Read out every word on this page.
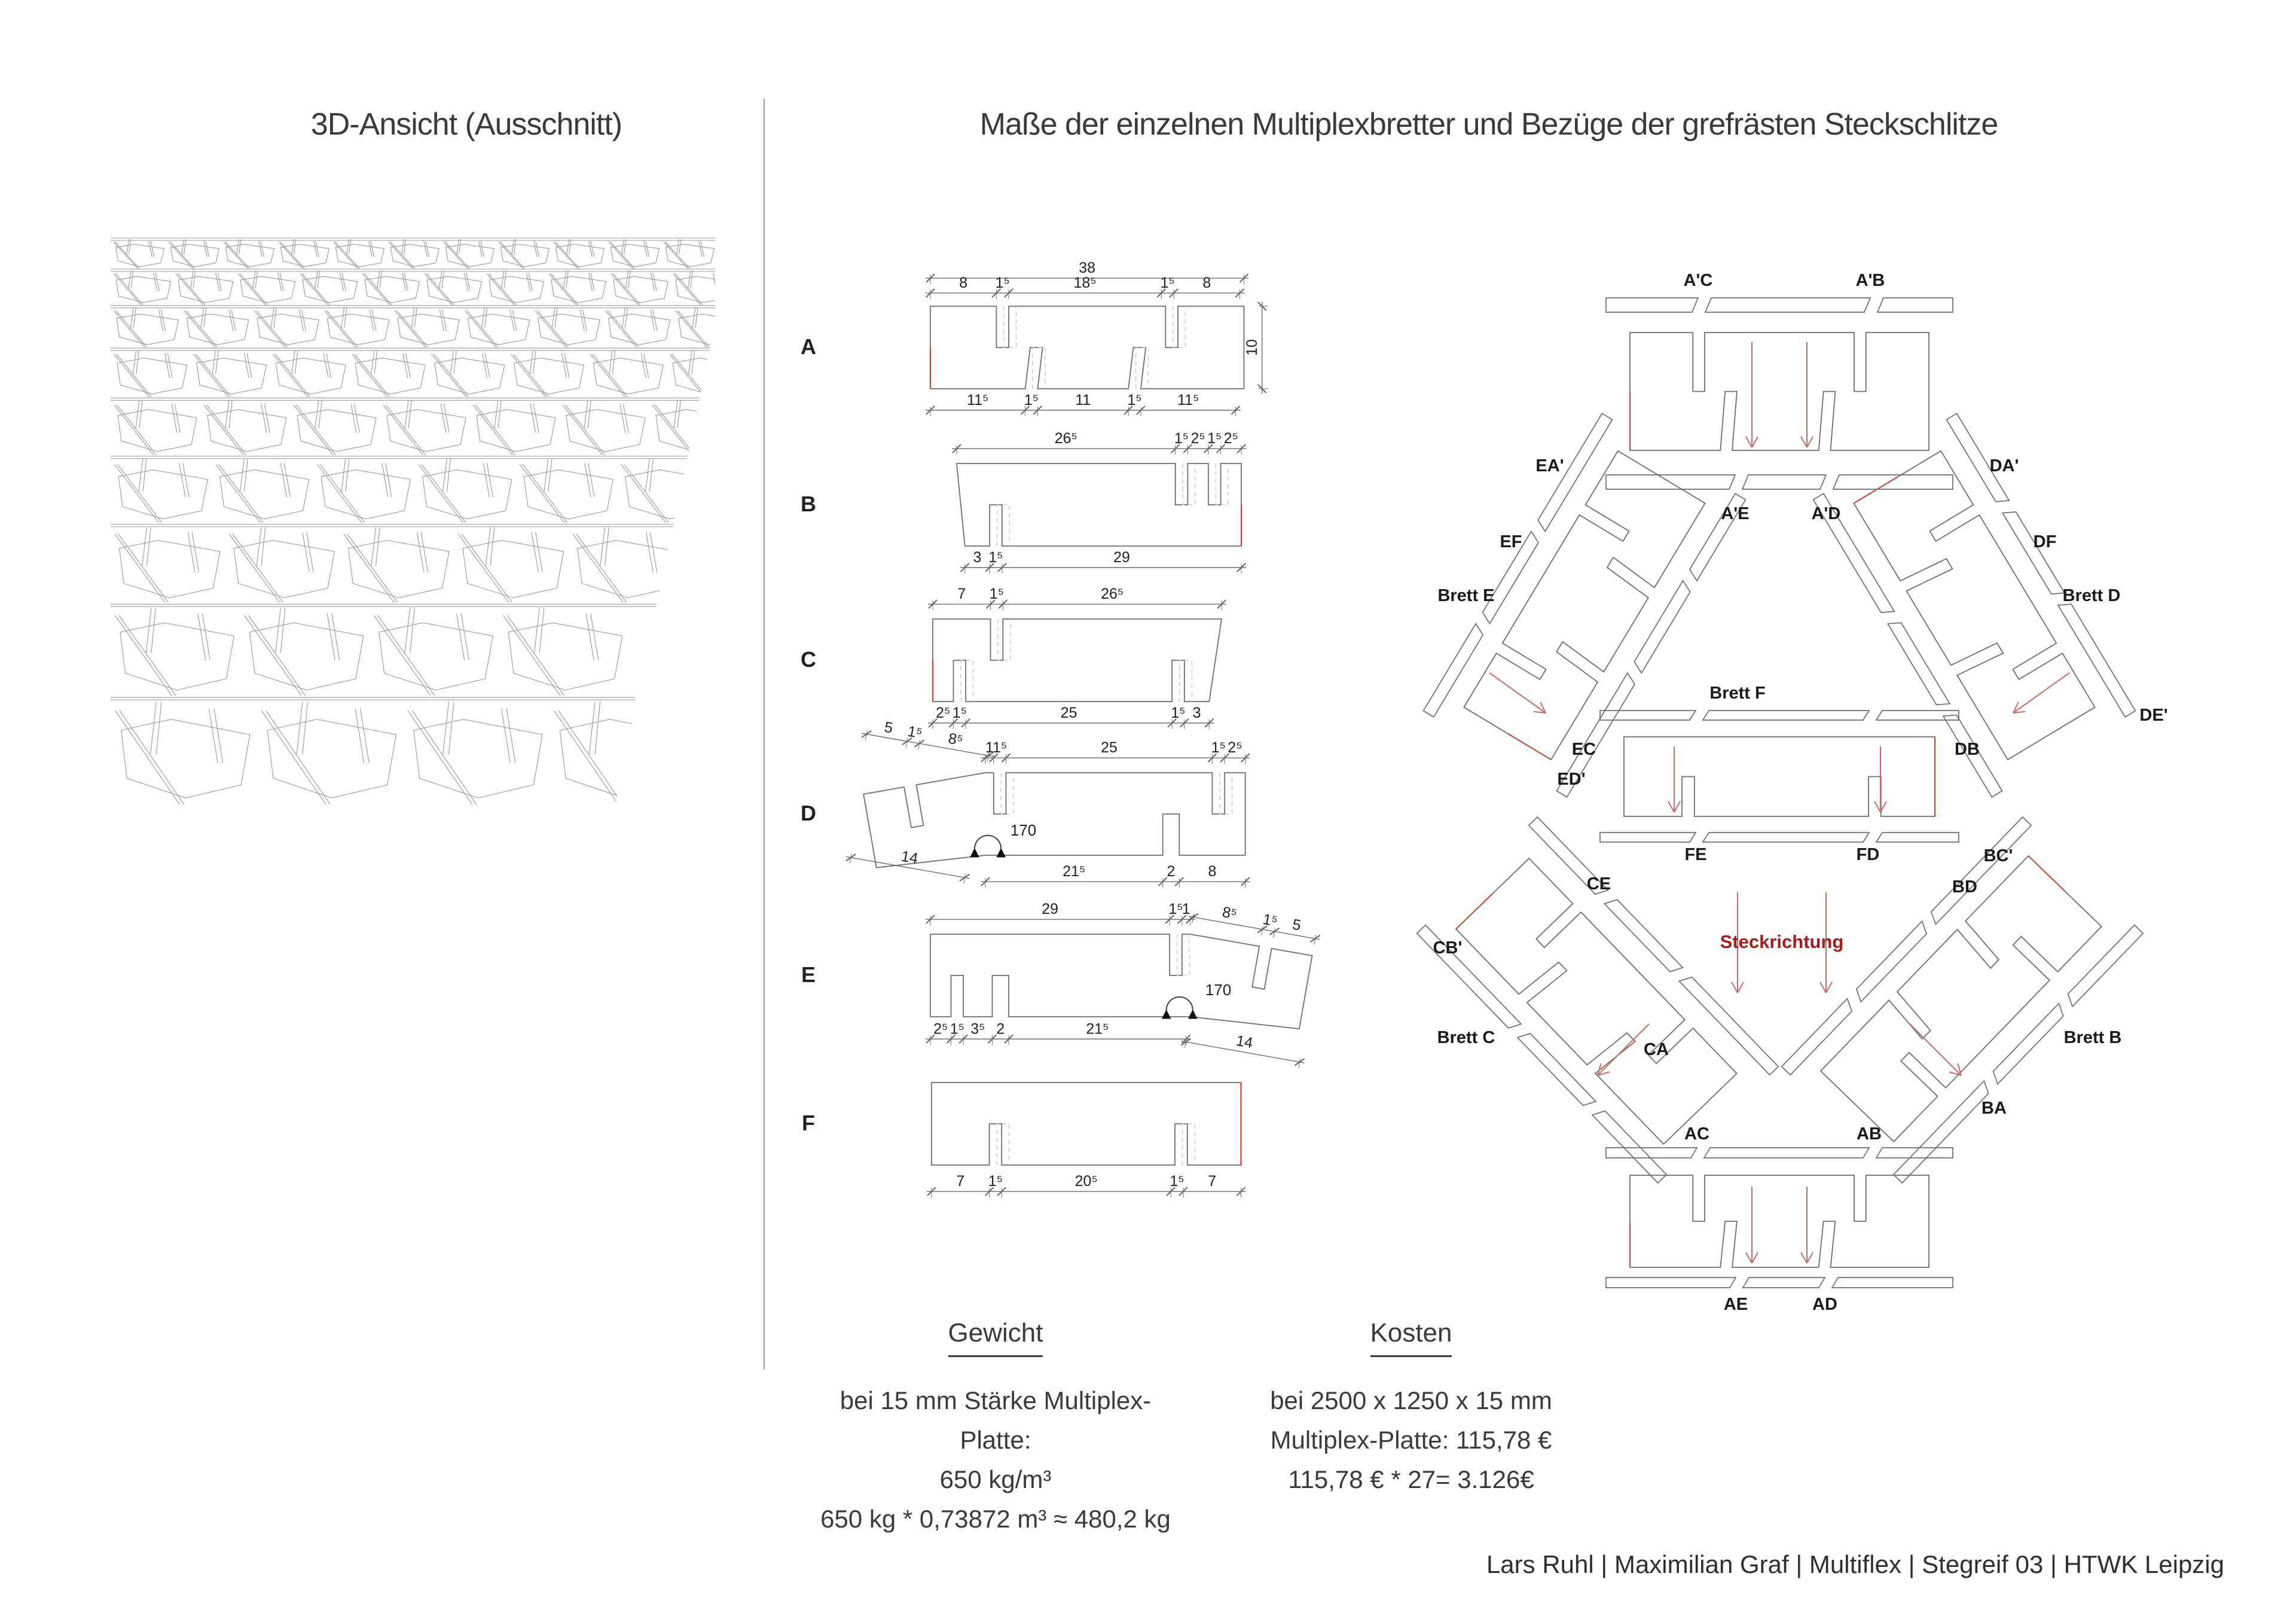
3D-Ansicht (Ausschnitt)	Maße der einzelnen Multiplexbretter und Bezüge der grefrästen Steckschlitze
A
38
8 1⁵	18⁵	1⁵ 8
11⁵ 1⁵ 11 1⁵ 11⁵
10
B
26⁵	1⁵ 2⁵ 1⁵ 2⁵
3 1⁵	29
C
7 1⁵	26⁵
2⁵ 1⁵	25	1⁵ 3
D
1
1⁵	25	1⁵ 2⁵
21⁵	2 8
5 1⁵ 8⁵
14
170
E
29	1⁵
1
2⁵ 1⁵ 3⁵ 2	21⁵
8⁵ 1⁵ 5
14
170
F
7 1⁵	20⁵	1⁵ 7
A'C	A'B
A'E	A'D
EA'
EF
Brett E
EC
ED'
DA'
DF
Brett D
DE'
DB
Brett F
FE	FD
CE
CB'
Brett C
CA
BC'
BD
Brett B
BA
AC	AB
AE	AD
Steckrichtung
Gewicht
bei 15 mm Stärke Multiplex-Platte:
650 kg/m³
650 kg * 0,73872 m³ ≈ 480,2 kg
Kosten
bei 2500 x 1250 x 15 mm
Multiplex-Platte: 115,78 €
115,78 € * 27= 3.126€
Lars Ruhl | Maximilian Graf | Multiflex | Stegreif 03 | HTWK Leipzig
